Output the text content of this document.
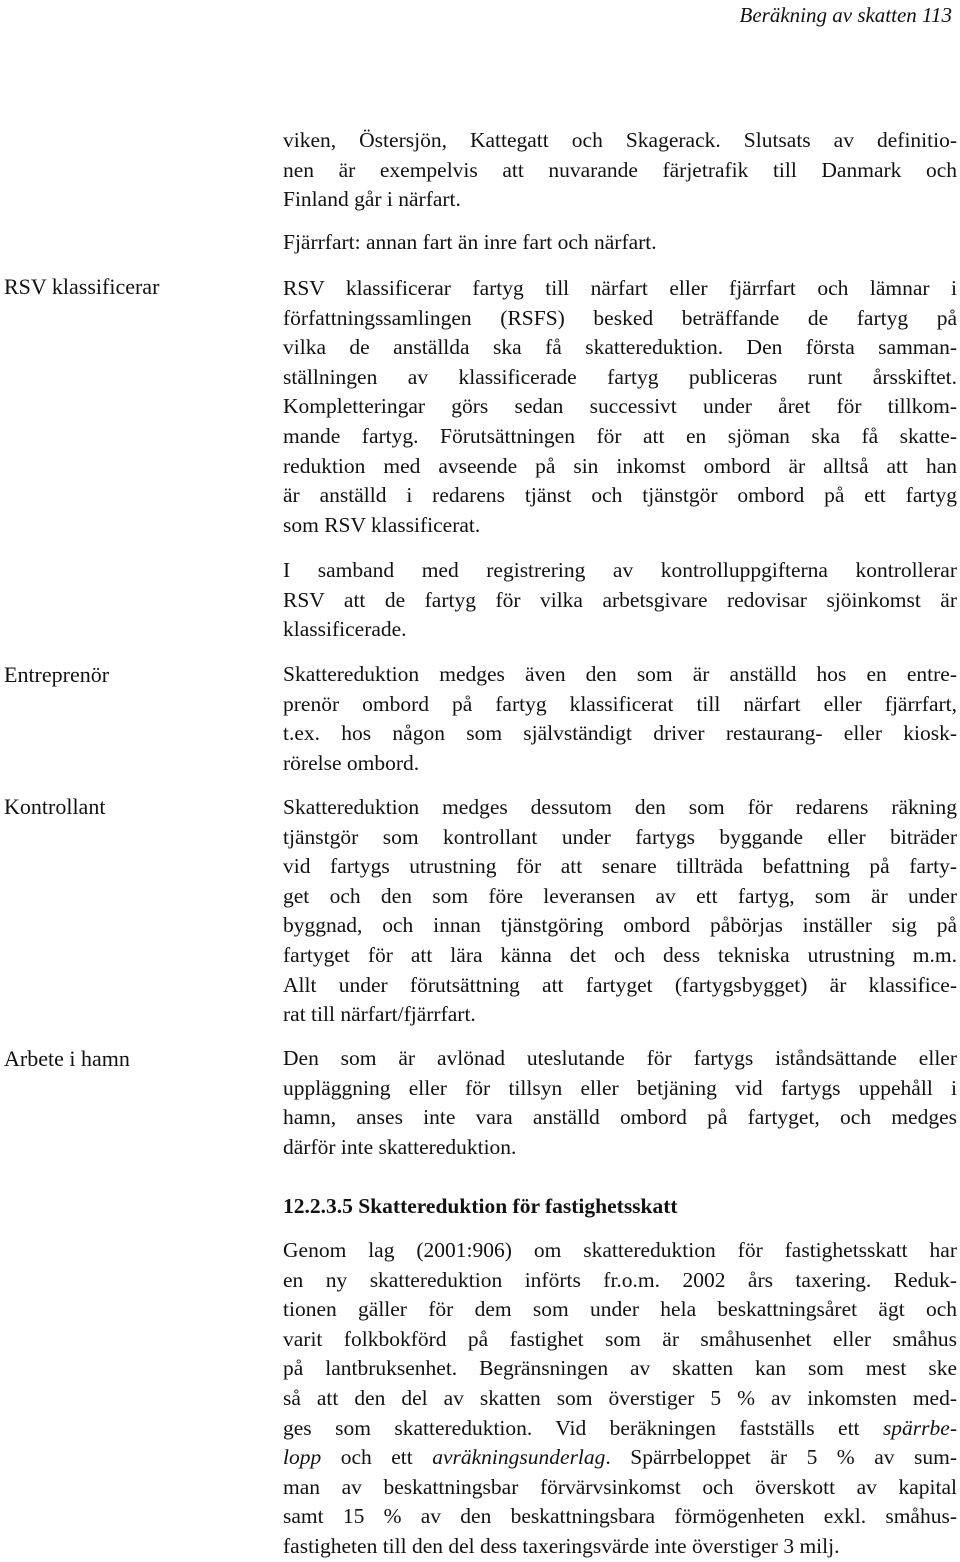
Beräkning av skatten 113
RSV klassificerar
Entreprenör
Kontrollant
Arbete i hamn
viken, Östersjön, Kattegatt och Skagerack. Slutsats av definitio-
nen är exempelvis att nuvarande färjetrafik till Danmark och
Finland går i närfart.
Fjärrfart: annan fart än inre fart och närfart.
RSV klassificerar fartyg till närfart eller fjärrfart och lämnar i
författningssamlingen (RSFS) besked beträffande de fartyg på
vilka de anställda ska få skattereduktion. Den första samman-
ställningen av klassificerade fartyg publiceras runt årsskiftet.
Kompletteringar görs sedan successivt under året för tillkom-
mande fartyg. Förutsättningen för att en sjöman ska få skatte-
reduktion med avseende på sin inkomst ombord är alltså att han
är anställd i redarens tjänst och tjänstgör ombord på ett fartyg
som RSV klassificerat.
I samband med registrering av kontrolluppgifterna kontrollerar
RSV att de fartyg för vilka arbetsgivare redovisar sjöinkomst är
klassificerade.
Skattereduktion medges även den som är anställd hos en entre-
prenör ombord på fartyg klassificerat till närfart eller fjärrfart,
t.ex. hos någon som självständigt driver restaurang- eller kiosk-
rörelse ombord.
Skattereduktion medges dessutom den som för redarens räkning
tjänstgör som kontrollant under fartygs byggande eller biträder
vid fartygs utrustning för att senare tillträda befattning på farty-
get och den som före leveransen av ett fartyg, som är under
byggnad, och innan tjänstgöring ombord påbörjas inställer sig på
fartyget för att lära känna det och dess tekniska utrustning m.m.
Allt under förutsättning att fartyget (fartygsbygget) är klassifice-
rat till närfart/fjärrfart.
Den som är avlönad uteslutande för fartygs iståndsättande eller
uppläggning eller för tillsyn eller betjäning vid fartygs uppehåll i
hamn, anses inte vara anställd ombord på fartyget, och medges
därför inte skattereduktion.
12.2.3.5 Skattereduktion för fastighetsskatt
Genom lag (2001:906) om skattereduktion för fastighetsskatt har
en ny skattereduktion införts fr.o.m. 2002 års taxering. Reduk-
tionen gäller för dem som under hela beskattningsåret ägt och
varit folkbokförd på fastighet som är småhusenhet eller småhus
på lantbruksenhet. Begränsningen av skatten kan som mest ske
så att den del av skatten som överstiger 5 % av inkomsten med-
ges som skattereduktion. Vid beräkningen fastställs ett spärrbe-
lopp och ett avräkningsunderlag. Spärrbeloppet är 5 % av sum-
man av beskattningsbar förvärvsinkomst och överskott av kapital
samt 15 % av den beskattningsbara förmögenheten exkl. småhus-
fastigheten till den del dess taxeringsvärde inte överstiger 3 milj.
